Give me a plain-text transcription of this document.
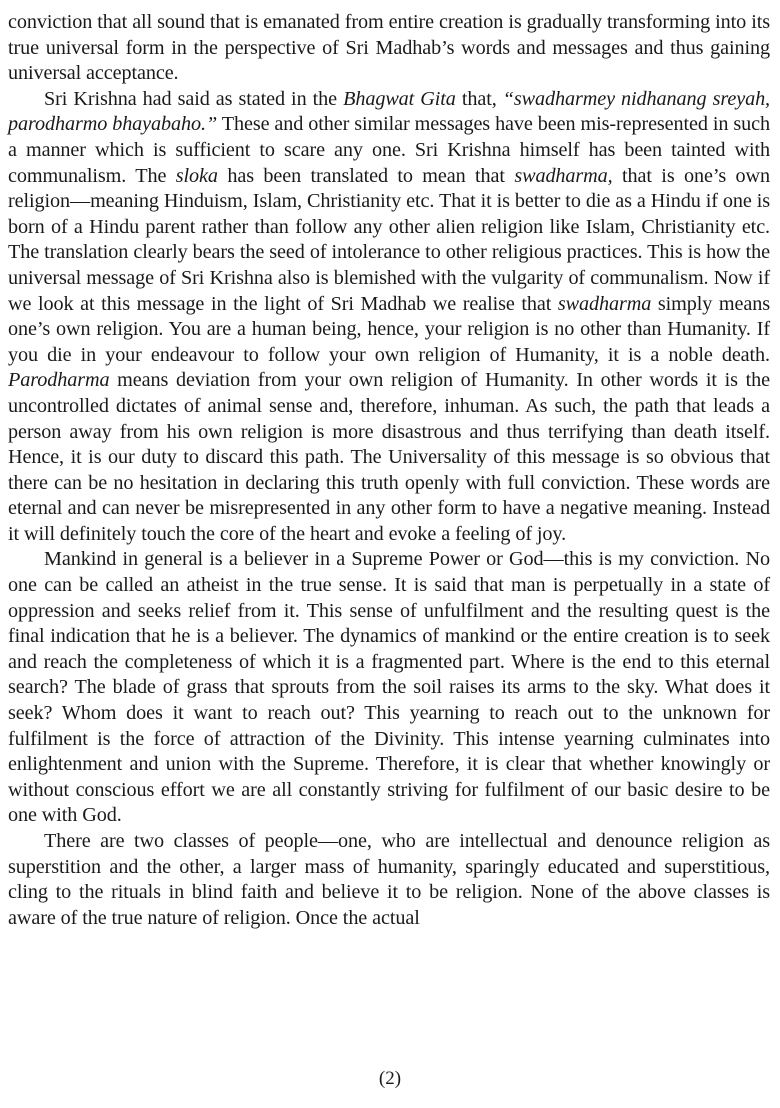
conviction that all sound that is emanated from entire creation is gradually transforming into its true universal form in the perspective of Sri Madhab’s words and messages and thus gaining universal acceptance.

Sri Krishna had said as stated in the Bhagwat Gita that, “swadharmey nidhanang sreyah, parodharmo bhayabaho.” These and other similar messages have been mis-represented in such a manner which is sufficient to scare any one. Sri Krishna himself has been tainted with communalism. The sloka has been translated to mean that swadharma, that is one’s own religion—meaning Hinduism, Islam, Christianity etc. That it is better to die as a Hindu if one is born of a Hindu parent rather than follow any other alien religion like Islam, Christianity etc. The translation clearly bears the seed of intolerance to other religious practices. This is how the universal message of Sri Krishna also is blemished with the vulgarity of communalism. Now if we look at this message in the light of Sri Madhab we realise that swadharma simply means one’s own religion. You are a human being, hence, your religion is no other than Humanity. If you die in your endeavour to follow your own religion of Humanity, it is a noble death. Parodharma means deviation from your own religion of Humanity. In other words it is the uncontrolled dictates of animal sense and, therefore, inhuman. As such, the path that leads a person away from his own religion is more disastrous and thus terrifying than death itself. Hence, it is our duty to discard this path. The Universality of this message is so obvious that there can be no hesitation in declaring this truth openly with full conviction. These words are eternal and can never be misrepresented in any other form to have a negative meaning. Instead it will definitely touch the core of the heart and evoke a feeling of joy.

Mankind in general is a believer in a Supreme Power or God—this is my conviction. No one can be called an atheist in the true sense. It is said that man is perpetually in a state of oppression and seeks relief from it. This sense of unfulfilment and the resulting quest is the final indication that he is a believer. The dynamics of mankind or the entire creation is to seek and reach the completeness of which it is a fragmented part. Where is the end to this eternal search? The blade of grass that sprouts from the soil raises its arms to the sky. What does it seek? Whom does it want to reach out? This yearning to reach out to the unknown for fulfilment is the force of attraction of the Divinity. This intense yearning culminates into enlightenment and union with the Supreme. Therefore, it is clear that whether knowingly or without conscious effort we are all constantly striving for fulfilment of our basic desire to be one with God.

There are two classes of people—one, who are intellectual and denounce religion as superstition and the other, a larger mass of humanity, sparingly educated and superstitious, cling to the rituals in blind faith and believe it to be religion. None of the above classes is aware of the true nature of religion. Once the actual

(2)
